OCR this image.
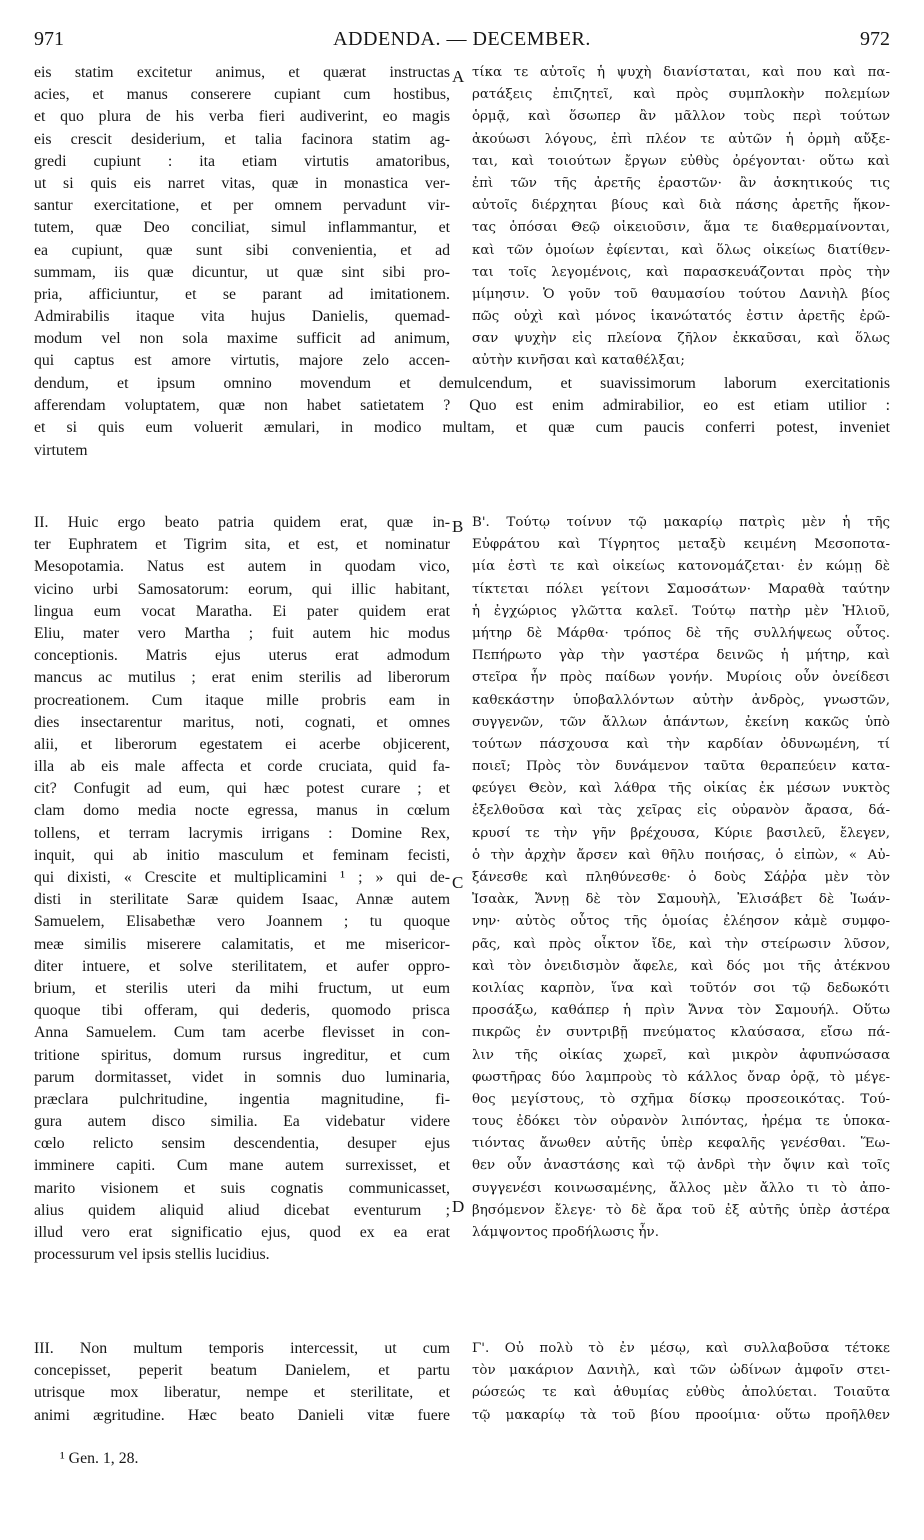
971	ADDENDA. — DECEMBER.	972
A
B
C
D
eis statim excitetur animus, et quærat instructas
acies, et manus conserere cupiant cum hostibus,
et quo plura de his verba fieri audiverint, eo magis
eis crescit desiderium, et talia facinora statim ag-
gredi cupiunt : ita etiam virtutis amatoribus,
ut si quis eis narret vitas, quæ in monastica ver-
santur exercitatione, et per omnem pervadunt vir-
tutem, quæ Deo conciliat, simul inflammantur, et
ea cupiunt, quæ sunt sibi convenientia, et ad
summam, iis quæ dicuntur, ut quæ sint sibi pro-
pria, afficiuntur, et se parant ad imitationem.
Admirabilis itaque vita hujus Danielis, quemad-
modum vel non sola maxime sufficit ad animum,
qui captus est amore virtutis, majore zelo accen-
τίκα τε αὐτοῖς ἡ ψυχὴ διανίσταται, καὶ που καὶ πα-
ρατάξεις ἐπιζητεῖ, καὶ πρὸς συμπλοκὴν πολεμίων
ὁρμᾷ, καὶ ὅσωπερ ἂν μᾶλλον τοὺς περὶ τούτων
ἀκούωσι λόγους, ἐπὶ πλέον τε αὐτῶν ἡ ὁρμὴ αὔξε-
ται, καὶ τοιούτων ἔργων εὐθὺς ὀρέγονται· οὕτω καὶ
ἐπὶ τῶν τῆς ἀρετῆς ἐραστῶν· ἂν ἀσκητικούς τις
αὐτοῖς διέρχηται βίους καὶ διὰ πάσης ἀρετῆς ἥκον-
τας ὁπόσαι Θεῷ οἰκειοῦσιν, ἅμα τε διαθερμαίνονται,
καὶ τῶν ὁμοίων ἐφίενται, καὶ ὅλως οἰκείως διατίθεν-
ται τοῖς λεγομένοις, καὶ παρασκευάζονται πρὸς τὴν
μίμησιν. Ὁ γοῦν τοῦ θαυμασίου τούτου Δανιὴλ βίος
πῶς οὐχὶ καὶ μόνος ἱκανώτατός ἐστιν ἀρετῆς ἐρῶ-
σαν ψυχὴν εἰς πλείονα ζῆλον ἐκκαῦσαι, καὶ ὅλως
αὐτὴν κινῆσαι καὶ καταθέλξαι;
dendum, et ipsum omnino movendum et demulcendum, et suavissimorum laborum exercitationis
afferendam voluptatem, quæ non habet satietatem ? Quo est enim admirabilior, eo est etiam utilior :
et si quis eum voluerit æmulari, in modico multam, et quæ cum paucis conferri potest, inveniet
virtutem
II. Huic ergo beato patria quidem erat, quæ in-
ter Euphratem et Tigrim sita, et est, et nominatur
Mesopotamia. Natus est autem in quodam vico,
vicino urbi Samosatorum: eorum, qui illic habitant,
lingua eum vocat Maratha. Ei pater quidem erat
Eliu, mater vero Martha ; fuit autem hic modus
conceptionis. Matris ejus uterus erat admodum
mancus ac mutilus ; erat enim sterilis ad liberorum
procreationem. Cum itaque mille probris eam in
dies insectarentur maritus, noti, cognati, et omnes
alii, et liberorum egestatem ei acerbe objicerent,
illa ab eis male affecta et corde cruciata, quid fa-
cit? Confugit ad eum, qui hæc potest curare ; et
clam domo media nocte egressa, manus in cœlum
tollens, et terram lacrymis irrigans : Domine Rex,
inquit, qui ab initio masculum et feminam fecisti,
qui dixisti, « Crescite et multiplicamini ¹ ; » qui de-
disti in sterilitate Saræ quidem Isaac, Annæ autem
Samuelem, Elisabethæ vero Joannem ; tu quoque
meæ similis miserere calamitatis, et me misericor-
diter intuere, et solve sterilitatem, et aufer oppro-
brium, et sterilis uteri da mihi fructum, ut eum
quoque tibi offeram, qui dederis, quomodo prisca
Anna Samuelem. Cum tam acerbe flevisset in con-
tritione spiritus, domum rursus ingreditur, et cum
parum dormitasset, videt in somnis duo luminaria,
præclara pulchritudine, ingentia magnitudine, fi-
gura autem disco similia. Ea videbatur videre
cœlo relicto sensim descendentia, desuper ejus
imminere capiti. Cum mane autem surrexisset, et
marito visionem et suis cognatis communicasset,
alius quidem aliquid aliud dicebat eventurum ;
illud vero erat significatio ejus, quod ex ea erat
processurum vel ipsis stellis lucidius.
Β'. Τούτῳ τοίνυν τῷ μακαρίῳ πατρὶς μὲν ἡ τῆς
Εὐφράτου καὶ Τίγρητος μεταξὺ κειμένη Μεσοποτα-
μία ἐστὶ τε καὶ οἰκείως κατονομάζεται· ἐν κώμῃ δὲ
τίκτεται πόλει γείτονι Σαμοσάτων· Μαραθὰ ταύτην
ἡ ἐγχώριος γλῶττα καλεῖ. Τούτῳ πατὴρ μὲν Ἠλιοῦ,
μήτηρ δὲ Μάρθα· τρόπος δὲ τῆς συλλήψεως οὗτος.
Πεπήρωτο γὰρ τὴν γαστέρα δεινῶς ἡ μήτηρ, καὶ
στεῖρα ἦν πρὸς παίδων γονήν. Μυρίοις οὖν ὀνείδεσι
καθεκάστην ὑποβαλλόντων αὐτὴν ἀνδρὸς, γνωστῶν,
συγγενῶν, τῶν ἄλλων ἁπάντων, ἐκείνη κακῶς ὑπὸ
τούτων πάσχουσα καὶ τὴν καρδίαν ὀδυνωμένη, τί
ποιεῖ; Πρὸς τὸν δυνάμενον ταῦτα θεραπεύειν κατα-
φεύγει Θεὸν, καὶ λάθρα τῆς οἰκίας ἐκ μέσων νυκτὸς
ἐξελθοῦσα καὶ τὰς χεῖρας εἰς οὐρανὸν ἄρασα, δά-
κρυσί τε τὴν γῆν βρέχουσα, Κύριε βασιλεῦ, ἔλεγεν,
ὁ τὴν ἀρχὴν ἄρσεν καὶ θῆλυ ποιήσας, ὁ εἰπὼν, « Αὐ-
ξάνεσθε καὶ πληθύνεσθε· ὁ δοὺς Σάῤῥα μὲν τὸν
Ἰσαὰκ, Ἄννῃ δὲ τὸν Σαμουὴλ, Ἐλισάβετ δὲ Ἰωάν-
νην· αὐτὸς οὗτος τῆς ὁμοίας ἐλέησον κἀμὲ συμφο-
ρᾶς, καὶ πρὸς οἶκτον ἴδε, καὶ τὴν στείρωσιν λῦσον,
καὶ τὸν ὀνειδισμὸν ἄφελε, καὶ δός μοι τῆς ἀτέκνου
κοιλίας καρπὸν, ἵνα καὶ τοῦτόν σοι τῷ δεδωκότι
προσάξω, καθάπερ ἡ πρὶν Ἄννα τὸν Σαμουήλ. Οὕτω
πικρῶς ἐν συντριβῇ πνεύματος κλαύσασα, εἴσω πά-
λιν τῆς οἰκίας χωρεῖ, καὶ μικρὸν ἀφυπνώσασα
φωστῆρας δύο λαμπροὺς τὸ κάλλος ὄναρ ὁρᾷ, τὸ μέγε-
θος μεγίστους, τὸ σχῆμα δίσκῳ προσεοικότας. Τού-
τους ἐδόκει τὸν οὐρανὸν λιπόντας, ἠρέμα τε ὑποκα-
τιόντας ἄνωθεν αὐτῆς ὑπὲρ κεφαλῆς γενέσθαι. Ἕω-
θεν οὖν ἀναστάσης καὶ τῷ ἀνδρὶ τὴν ὄψιν καὶ τοῖς
συγγενέσι κοινωσαμένης, ἄλλος μὲν ἄλλο τι τὸ ἀπο-
βησόμενον ἔλεγε· τὸ δὲ ἄρα τοῦ ἐξ αὐτῆς ὑπὲρ ἀστέρα
λάμψοντος προδήλωσις ἦν.
III. Non multum temporis intercessit, ut cum
concepisset, peperit beatum Danielem, et partu
utrisque mox liberatur, nempe et sterilitate, et
animi ægritudine. Hæc beato Danieli vitæ fuere
Γ'. Οὐ πολὺ τὸ ἐν μέσῳ, καὶ συλλαβοῦσα τέτοκε
τὸν μακάριον Δανιὴλ, καὶ τῶν ὠδίνων ἀμφοῖν στει-
ρώσεώς τε καὶ ἀθυμίας εὐθὺς ἀπολύεται. Τοιαῦτα
τῷ μακαρίῳ τὰ τοῦ βίου προοίμια· οὕτω προῆλθεν
¹ Gen. 1, 28.
